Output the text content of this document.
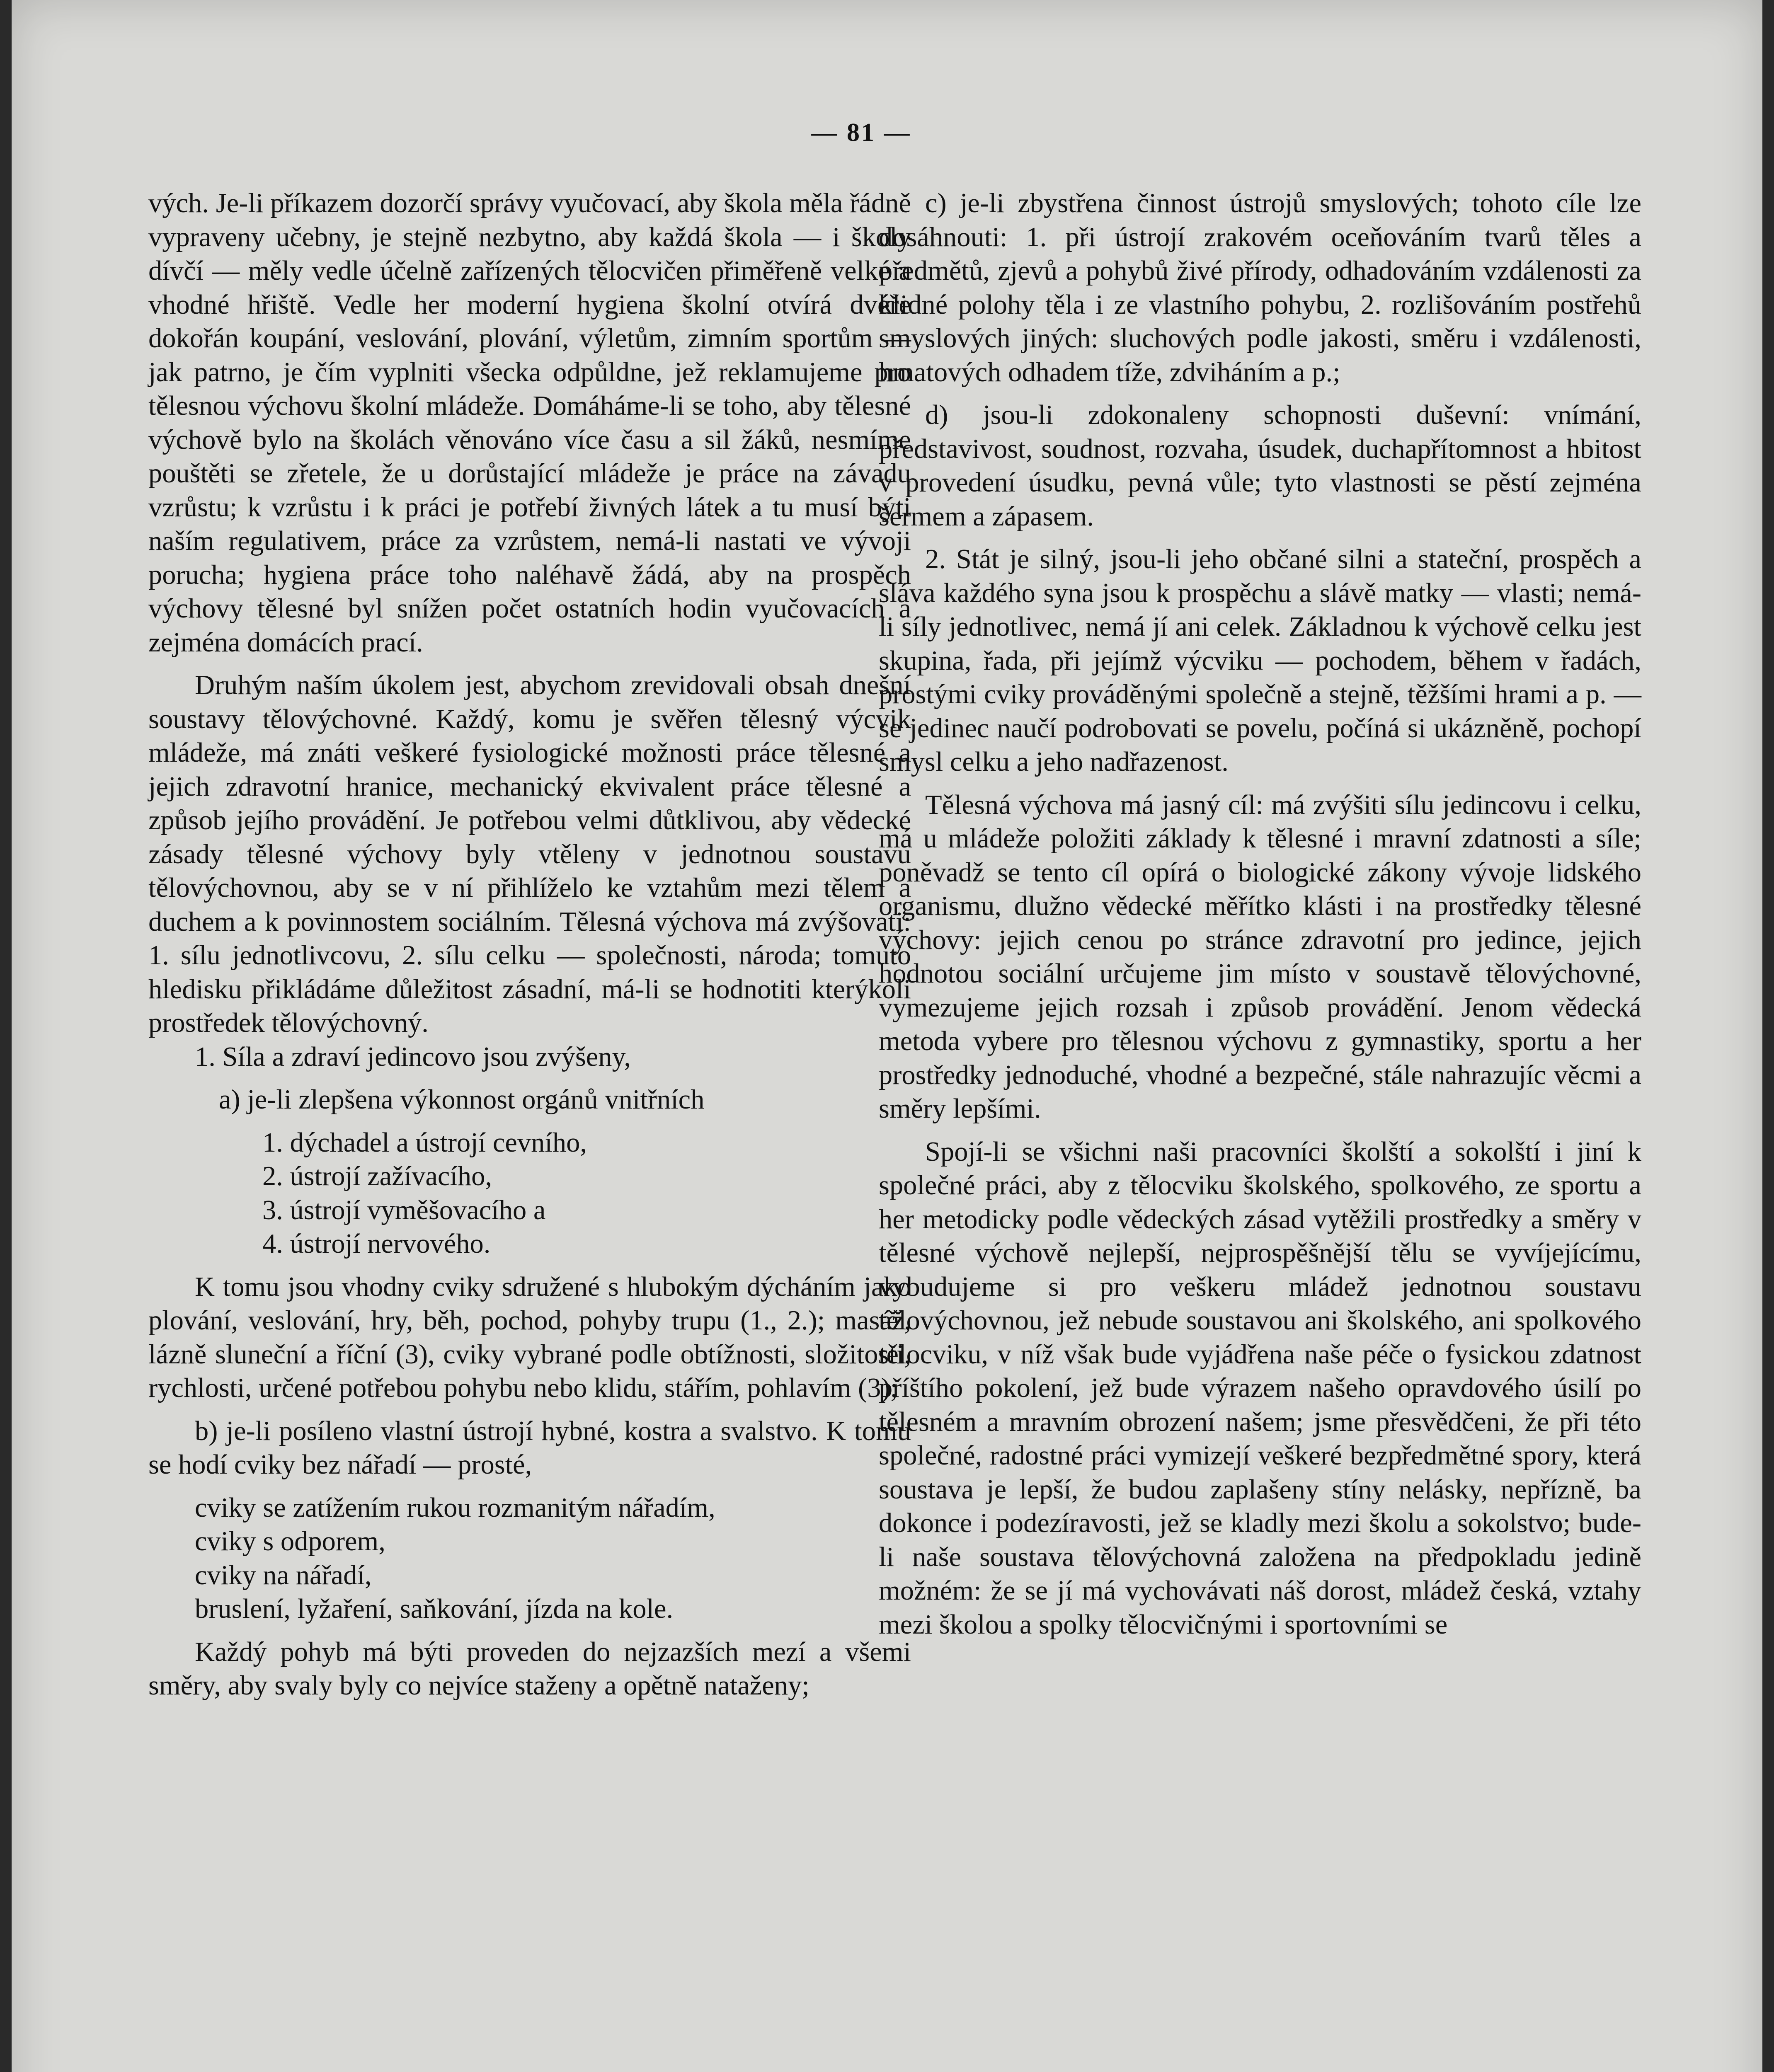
— 81 —

vých. Je-li příkazem dozorčí správy vyučovací, aby škola měla řádně vypraveny učebny, je stejně nezbytno, aby každá škola — i školy dívčí — měly vedle účelně zařízených tělocvičen přiměřeně velké a vhodné hřiště. Vedle her moderní hygiena školní otvírá dvéře dokořán koupání, veslování, plování, výletům, zimním sportům — jak patrno, je čím vyplniti všecka odpůldne, jež reklamujeme pro tělesnou výchovu školní mládeže. Domáháme-li se toho, aby tělesné výchově bylo na školách věnováno více času a sil žáků, nesmíme pouštěti se zřetele, že u dorůstající mládeže je práce na závadu vzrůstu; k vzrůstu i k práci je potřebí živných látek a tu musí býti naším regulativem, práce za vzrůstem, nemá-li nastati ve vývoji porucha; hygiena práce toho naléhavě žádá, aby na prospěch výchovy tělesné byl snížen počet ostatních hodin vyučovacích a zejména domácích prací.

Druhým naším úkolem jest, abychom zrevidovali obsah dnešní soustavy tělovýchovné. Každý, komu je svěřen tělesný výcvik mládeže, má znáti veškeré fysiologické možnosti práce tělesné a jejich zdravotní hranice, mechanický ekvivalent práce tělesné a způsob jejího provádění. Je potřebou velmi důtklivou, aby vědecké zásady tělesné výchovy byly vtěleny v jednotnou soustavu tělovýchovnou, aby se v ní přihlíželo ke vztahům mezi tělem a duchem a k povinnostem sociálním. Tělesná výchova má zvýšovati: 1. sílu jednotlivcovu, 2. sílu celku — společnosti, národa; tomuto hledisku přikládáme důležitost zásadní, má-li se hodnotiti kterýkoli prostředek tělovýchovný.

1. Síla a zdraví jedincovo jsou zvýšeny,

a) je-li zlepšena výkonnost orgánů vnitřních

1. dýchadel a ústrojí cevního,

2. ústrojí zažívacího,

3. ústrojí vyměšovacího a

4. ústrojí nervového.

K tomu jsou vhodny cviky sdružené s hlubokým dýcháním jako plování, veslování, hry, běh, pochod, pohyby trupu (1., 2.); masáž, lázně sluneční a říční (3), cviky vybrané podle obtížnosti, složitosti, rychlosti, určené potřebou pohybu nebo klidu, stářím, pohlavím (3);

b) je-li posíleno vlastní ústrojí hybné, kostra a svalstvo. K tomu se hodí cviky bez nářadí — prosté,

cviky se zatížením rukou rozmanitým nářadím,

cviky s odporem,

cviky na nářadí,

bruslení, lyžaření, saňkování, jízda na kole.

Každý pohyb má býti proveden do nejzazších mezí a všemi směry, aby svaly byly co nejvíce staženy a opětně nataženy;

c) je-li zbystřena činnost ústrojů smyslových; tohoto cíle lze dosáhnouti: 1. při ústrojí zrakovém oceňováním tvarů těles a předmětů, zjevů a pohybů živé přírody, odhadováním vzdálenosti za klidné polohy těla i ze vlastního pohybu, 2. rozlišováním postřehů smyslových jiných: sluchových podle jakosti, směru i vzdálenosti, hmatových odhadem tíže, zdviháním a p.;

d) jsou-li zdokonaleny schopnosti duševní: vnímání, představivost, soudnost, rozvaha, úsudek, duchapřítomnost a hbitost v provedení úsudku, pevná vůle; tyto vlastnosti se pěstí zejména šermem a zápasem.

2. Stát je silný, jsou-li jeho občané silni a stateční, prospěch a sláva každého syna jsou k prospěchu a slávě matky — vlasti; nemá-li síly jednotlivec, nemá jí ani celek. Základnou k výchově celku jest skupina, řada, při jejímž výcviku — pochodem, během v řadách, prostými cviky prováděnými společně a stejně, těžšími hrami a p. — se jedinec naučí podrobovati se povelu, počíná si ukázněně, pochopí smysl celku a jeho nadřazenost.

Tělesná výchova má jasný cíl: má zvýšiti sílu jedincovu i celku, má u mládeže položiti základy k tělesné i mravní zdatnosti a síle; poněvadž se tento cíl opírá o biologické zákony vývoje lidského organismu, dlužno vědecké měřítko klásti i na prostředky tělesné výchovy: jejich cenou po stránce zdravotní pro jedince, jejich hodnotou sociální určujeme jim místo v soustavě tělovýchovné, vymezujeme jejich rozsah i způsob provádění. Jenom vědecká metoda vybere pro tělesnou výchovu z gymnastiky, sportu a her prostředky jednoduché, vhodné a bezpečné, stále nahrazujíc věcmi a směry lepšími.

Spojí-li se všichni naši pracovníci školští a sokolští i jiní k společné práci, aby z tělocviku školského, spolkového, ze sportu a her metodicky podle vědeckých zásad vytěžili prostředky a směry v tělesné výchově nejlepší, nejprospěšnější tělu se vyvíjejícímu, vybudujeme si pro veškeru mládež jednotnou soustavu tělovýchovnou, jež nebude soustavou ani školského, ani spolkového tělocviku, v níž však bude vyjádřena naše péče o fysickou zdatnost příštího pokolení, jež bude výrazem našeho opravdového úsilí po tělesném a mravním obrození našem; jsme přesvědčeni, že při této společné, radostné práci vymizejí veškeré bezpředmětné spory, která soustava je lepší, že budou zaplašeny stíny nelásky, nepřízně, ba dokonce i podezíravosti, jež se kladly mezi školu a sokolstvo; bude-li naše soustava tělovýchovná založena na předpokladu jedině možném: že se jí má vychovávati náš dorost, mládež česká, vztahy mezi školou a spolky tělocvičnými i sportovními se
